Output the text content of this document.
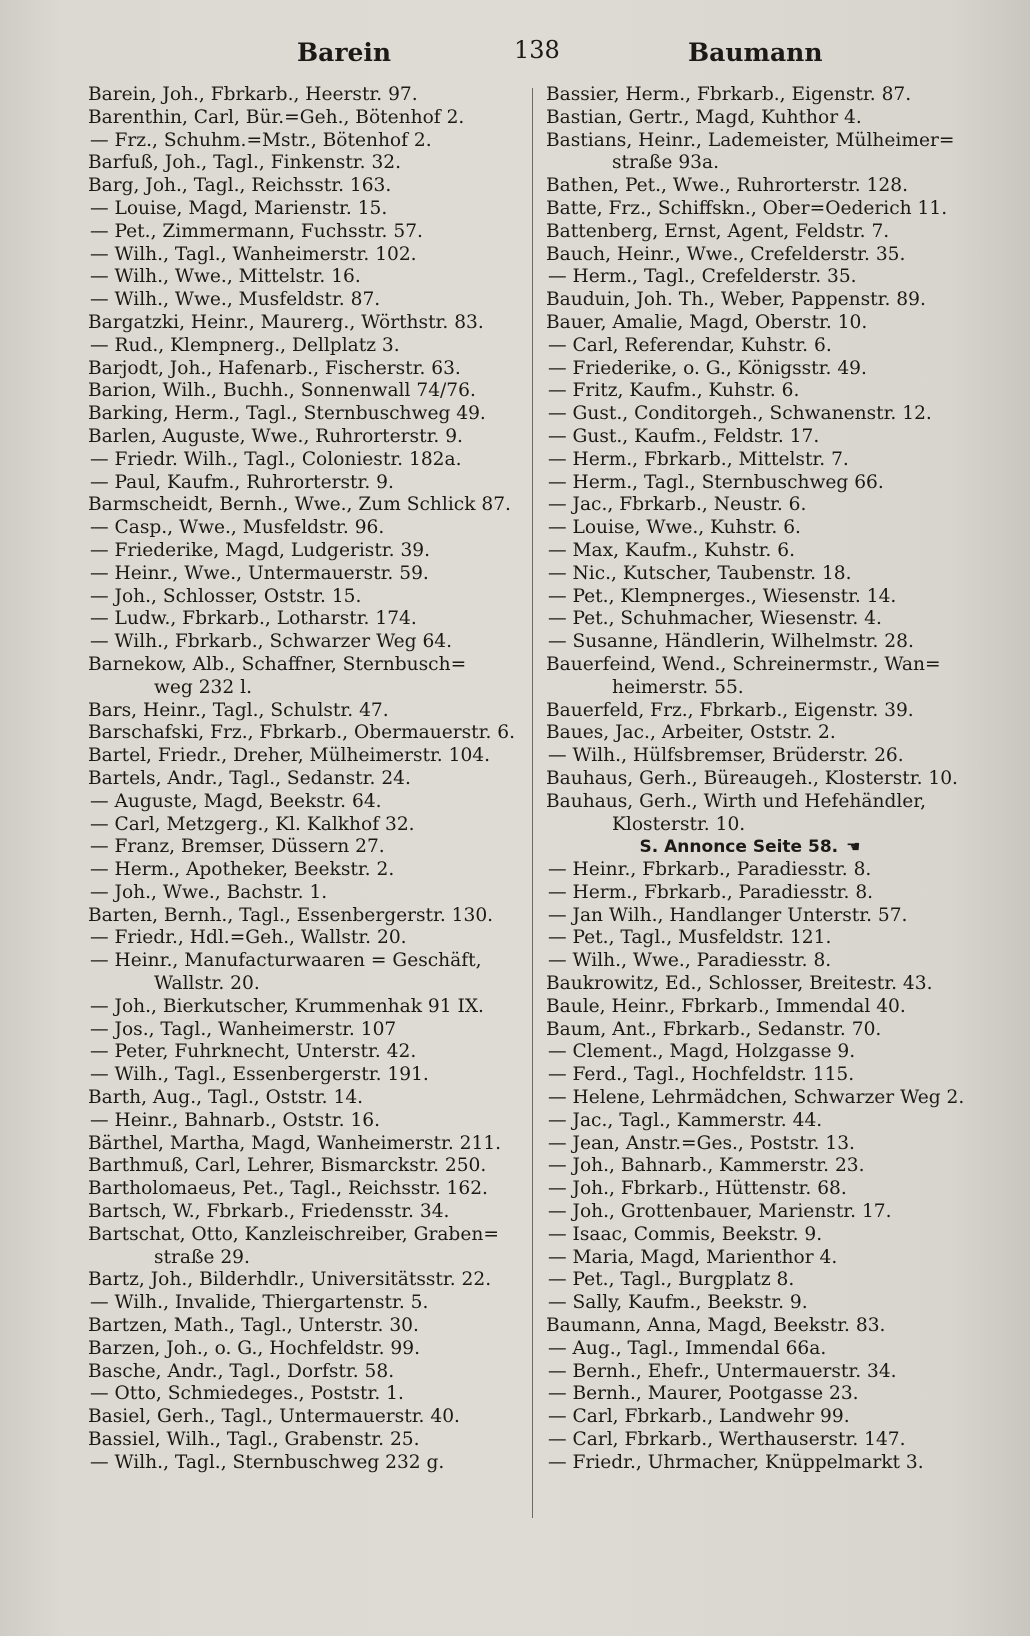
Barein	138	Baumann
Barein, Joh., Fbrkarb., Heerstr. 97.
Barenthin, Carl, Bür.=Geh., Bötenhof 2.
— Frz., Schuhm.=Mstr., Bötenhof 2.
Barfuß, Joh., Tagl., Finkenstr. 32.
Barg, Joh., Tagl., Reichsstr. 163.
— Louise, Magd, Marienstr. 15.
— Pet., Zimmermann, Fuchsstr. 57.
— Wilh., Tagl., Wanheimerstr. 102.
— Wilh., Wwe., Mittelstr. 16.
— Wilh., Wwe., Musfeldstr. 87.
Bargatzki, Heinr., Maurerg., Wörthstr. 83.
— Rud., Klempnerg., Dellplatz 3.
Barjodt, Joh., Hafenarb., Fischerstr. 63.
Barion, Wilh., Buchh., Sonnenwall 74/76.
Barking, Herm., Tagl., Sternbuschweg 49.
Barlen, Auguste, Wwe., Ruhrorterstr. 9.
— Friedr. Wilh., Tagl., Coloniestr. 182a.
— Paul, Kaufm., Ruhrorterstr. 9.
Barmscheidt, Bernh., Wwe., Zum Schlick 87.
— Casp., Wwe., Musfeldstr. 96.
— Friederike, Magd, Ludgeristr. 39.
— Heinr., Wwe., Untermauerstr. 59.
— Joh., Schlosser, Oststr. 15.
— Ludw., Fbrkarb., Lotharstr. 174.
— Wilh., Fbrkarb., Schwarzer Weg 64.
Barnekow, Alb., Schaffner, Sternbusch=
weg 232 l.
Bars, Heinr., Tagl., Schulstr. 47.
Barschafski, Frz., Fbrkarb., Obermauerstr. 6.
Bartel, Friedr., Dreher, Mülheimerstr. 104.
Bartels, Andr., Tagl., Sedanstr. 24.
— Auguste, Magd, Beekstr. 64.
— Carl, Metzgerg., Kl. Kalkhof 32.
— Franz, Bremser, Düssern 27.
— Herm., Apotheker, Beekstr. 2.
— Joh., Wwe., Bachstr. 1.
Barten, Bernh., Tagl., Essenbergerstr. 130.
— Friedr., Hdl.=Geh., Wallstr. 20.
— Heinr., Manufacturwaaren = Geschäft,
Wallstr. 20.
— Joh., Bierkutscher, Krummenhak 91 IX.
— Jos., Tagl., Wanheimerstr. 107
— Peter, Fuhrknecht, Unterstr. 42.
— Wilh., Tagl., Essenbergerstr. 191.
Barth, Aug., Tagl., Oststr. 14.
— Heinr., Bahnarb., Oststr. 16.
Bärthel, Martha, Magd, Wanheimerstr. 211.
Barthmuß, Carl, Lehrer, Bismarckstr. 250.
Bartholomaeus, Pet., Tagl., Reichsstr. 162.
Bartsch, W., Fbrkarb., Friedensstr. 34.
Bartschat, Otto, Kanzleischreiber, Graben=
straße 29.
Bartz, Joh., Bilderhdlr., Universitätsstr. 22.
— Wilh., Invalide, Thiergartenstr. 5.
Bartzen, Math., Tagl., Unterstr. 30.
Barzen, Joh., o. G., Hochfeldstr. 99.
Basche, Andr., Tagl., Dorfstr. 58.
— Otto, Schmiedeges., Poststr. 1.
Basiel, Gerh., Tagl., Untermauerstr. 40.
Bassiel, Wilh., Tagl., Grabenstr. 25.
— Wilh., Tagl., Sternbuschweg 232 g.
Bassier, Herm., Fbrkarb., Eigenstr. 87.
Bastian, Gertr., Magd, Kuhthor 4.
Bastians, Heinr., Lademeister, Mülheimer=
straße 93a.
Bathen, Pet., Wwe., Ruhrorterstr. 128.
Batte, Frz., Schiffskn., Ober=Oederich 11.
Battenberg, Ernst, Agent, Feldstr. 7.
Bauch, Heinr., Wwe., Crefelderstr. 35.
— Herm., Tagl., Crefelderstr. 35.
Bauduin, Joh. Th., Weber, Pappenstr. 89.
Bauer, Amalie, Magd, Oberstr. 10.
— Carl, Referendar, Kuhstr. 6.
— Friederike, o. G., Königsstr. 49.
— Fritz, Kaufm., Kuhstr. 6.
— Gust., Conditorgeh., Schwanenstr. 12.
— Gust., Kaufm., Feldstr. 17.
— Herm., Fbrkarb., Mittelstr. 7.
— Herm., Tagl., Sternbuschweg 66.
— Jac., Fbrkarb., Neustr. 6.
— Louise, Wwe., Kuhstr. 6.
— Max, Kaufm., Kuhstr. 6.
— Nic., Kutscher, Taubenstr. 18.
— Pet., Klempnerges., Wiesenstr. 14.
— Pet., Schuhmacher, Wiesenstr. 4.
— Susanne, Händlerin, Wilhelmstr. 28.
Bauerfeind, Wend., Schreinermstr., Wan=
heimerstr. 55.
Bauerfeld, Frz., Fbrkarb., Eigenstr. 39.
Baues, Jac., Arbeiter, Oststr. 2.
— Wilh., Hülfsbremser, Brüderstr. 26.
Bauhaus, Gerh., Büreaugeh., Klosterstr. 10.
Bauhaus, Gerh., Wirth und Hefehändler,
Klosterstr. 10.
S. Annonce Seite 58. ☚
— Heinr., Fbrkarb., Paradiesstr. 8.
— Herm., Fbrkarb., Paradiesstr. 8.
— Jan Wilh., Handlanger Unterstr. 57.
— Pet., Tagl., Musfeldstr. 121.
— Wilh., Wwe., Paradiesstr. 8.
Baukrowitz, Ed., Schlosser, Breitestr. 43.
Baule, Heinr., Fbrkarb., Immendal 40.
Baum, Ant., Fbrkarb., Sedanstr. 70.
— Clement., Magd, Holzgasse 9.
— Ferd., Tagl., Hochfeldstr. 115.
— Helene, Lehrmädchen, Schwarzer Weg 2.
— Jac., Tagl., Kammerstr. 44.
— Jean, Anstr.=Ges., Poststr. 13.
— Joh., Bahnarb., Kammerstr. 23.
— Joh., Fbrkarb., Hüttenstr. 68.
— Joh., Grottenbauer, Marienstr. 17.
— Isaac, Commis, Beekstr. 9.
— Maria, Magd, Marienthor 4.
— Pet., Tagl., Burgplatz 8.
— Sally, Kaufm., Beekstr. 9.
Baumann, Anna, Magd, Beekstr. 83.
— Aug., Tagl., Immendal 66a.
— Bernh., Ehefr., Untermauerstr. 34.
— Bernh., Maurer, Pootgasse 23.
— Carl, Fbrkarb., Landwehr 99.
— Carl, Fbrkarb., Werthauserstr. 147.
— Friedr., Uhrmacher, Knüppelmarkt 3.
